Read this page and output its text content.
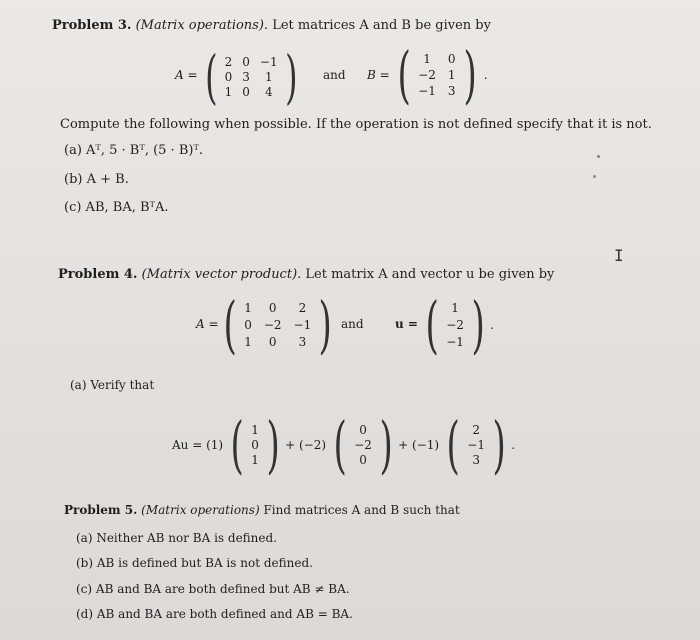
Problem 3. (Matrix operations). Let matrices A and B be given by
A = ( 2 0 −1
0 3	1
1 0	4 ) and B = (	1	0
−2 1
−1 3 ) .
Compute the following when possible. If the operation is not defined specify that it is not.
(a) Aᵀ, 5 · Bᵀ, (5 · B)ᵀ.
(b) A + B.
(c) AB, BA, BᵀA.
I
Problem 4. (Matrix vector product). Let matrix A and vector u be given by
A = ( 1	0	2
0 −2 −1
1	0	3 ) and	u = ( 1
−2
−1 ) .
(a) Verify that
Au = (1) ( 1
0
1 ) + (−2) ( 0
−2
0 ) + (−1) ( 2
−1
3 ) .
Problem 5. (Matrix operations) Find matrices A and B such that
(a) Neither AB nor BA is defined.
(b) AB is defined but BA is not defined.
(c) AB and BA are both defined but AB ≠ BA.
(d) AB and BA are both defined and AB = BA.
